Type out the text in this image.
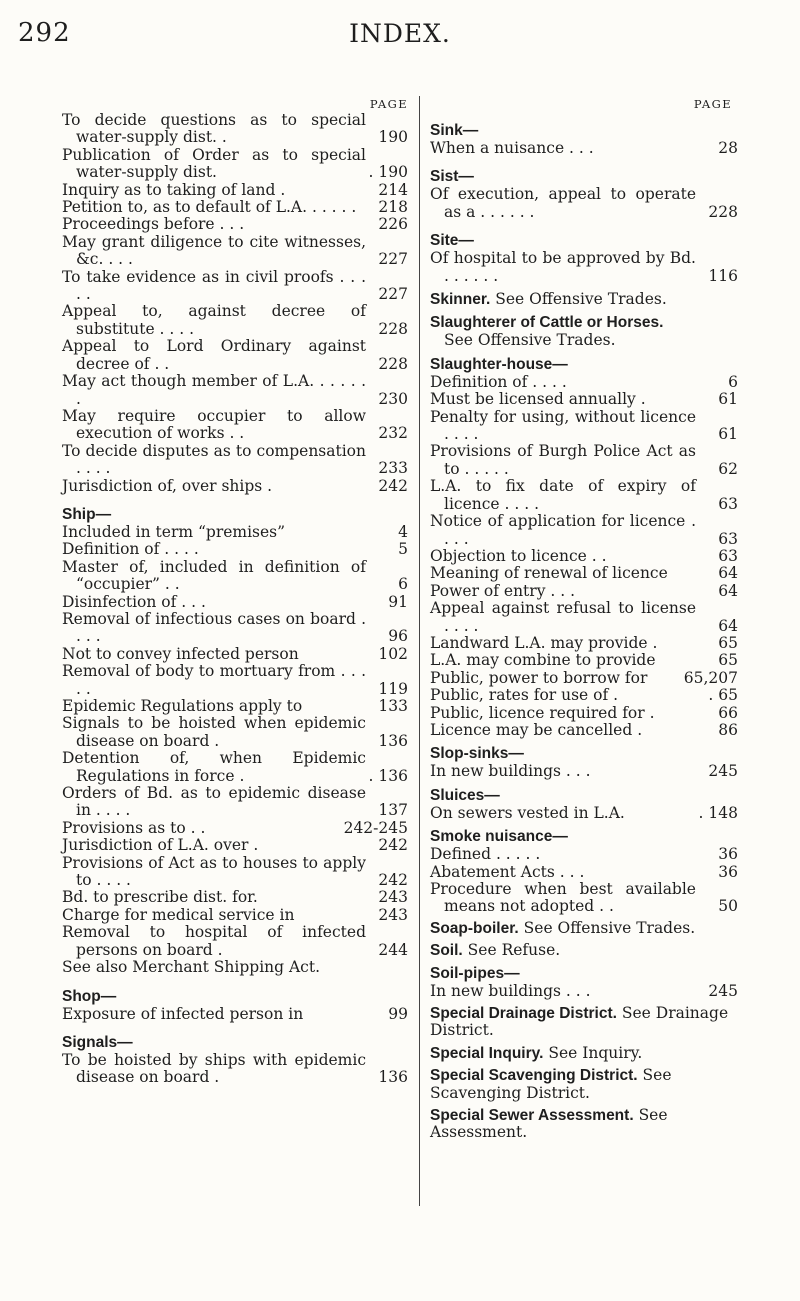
292	INDEX.
PAGE
To decide questions as to special water-supply dist. .	190
Publication of Order as to special water-supply dist.	. 190
Inquiry as to taking of land .	214
Petition to, as to default of L.A. . . . . .	218
Proceedings before . . .	226
May grant diligence to cite witnesses, &c. . . .	227
To take evidence as in civil proofs . . . . .	227
Appeal to, against decree of substitute . . . .	228
Appeal to Lord Ordinary against decree of . .	228
May act though member of L.A. . . . . . .	230
May require occupier to allow execution of works . .	232
To decide disputes as to compensation . . . .	233
Jurisdiction of, over ships .	242
Ship—
Included in term “premises”	4
Definition of . . . .	5
Master of, included in definition of “occupier” . .	6
Disinfection of . . .	91
Removal of infectious cases on board . . . .	96
Not to convey infected person	102
Removal of body to mortuary from . . . . .	119
Epidemic Regulations apply to	133
Signals to be hoisted when epidemic disease on board .	136
Detention of, when Epidemic Regulations in force .	. 136
Orders of Bd. as to epidemic disease in . . . .	137
Provisions as to . .	242-245
Jurisdiction of L.A. over .	242
Provisions of Act as to houses to apply to . . . .	242
Bd. to prescribe dist. for.	243
Charge for medical service in	243
Removal to hospital of infected persons on board .	244
See also Merchant Shipping Act.
Shop—
Exposure of infected person in	99
Signals—
To be hoisted by ships with epidemic disease on board .	136
PAGE
Sink—
When a nuisance . . .	28
Sist—
Of execution, appeal to operate as a . . . . . .	228
Site—
Of hospital to be approved by Bd. . . . . . .	116
Skinner. See Offensive Trades.
Slaughterer of Cattle or Horses.
See Offensive Trades.
Slaughter-house—
Definition of . . . .	6
Must be licensed annually .	61
Penalty for using, without licence . . . .	61
Provisions of Burgh Police Act as to . . . . .	62
L.A. to fix date of expiry of licence . . . .	63
Notice of application for licence . . . .	63
Objection to licence . .	63
Meaning of renewal of licence	64
Power of entry . . .	64
Appeal against refusal to license . . . .	64
Landward L.A. may provide .	65
L.A. may combine to provide	65
Public, power to borrow for	65,207
Public, rates for use of .	. 65
Public, licence required for .	66
Licence may be cancelled .	86
Slop-sinks—
In new buildings . . .	245
Sluices—
On sewers vested in L.A.	. 148
Smoke nuisance—
Defined . . . . .	36
Abatement Acts . . .	36
Procedure when best available means not adopted . .	50
Soap-boiler. See Offensive Trades.
Soil. See Refuse.
Soil-pipes—
In new buildings . . .	245
Special Drainage District. See Drainage District.
Special Inquiry. See Inquiry.
Special Scavenging District. See Scavenging District.
Special Sewer Assessment. See Assessment.
